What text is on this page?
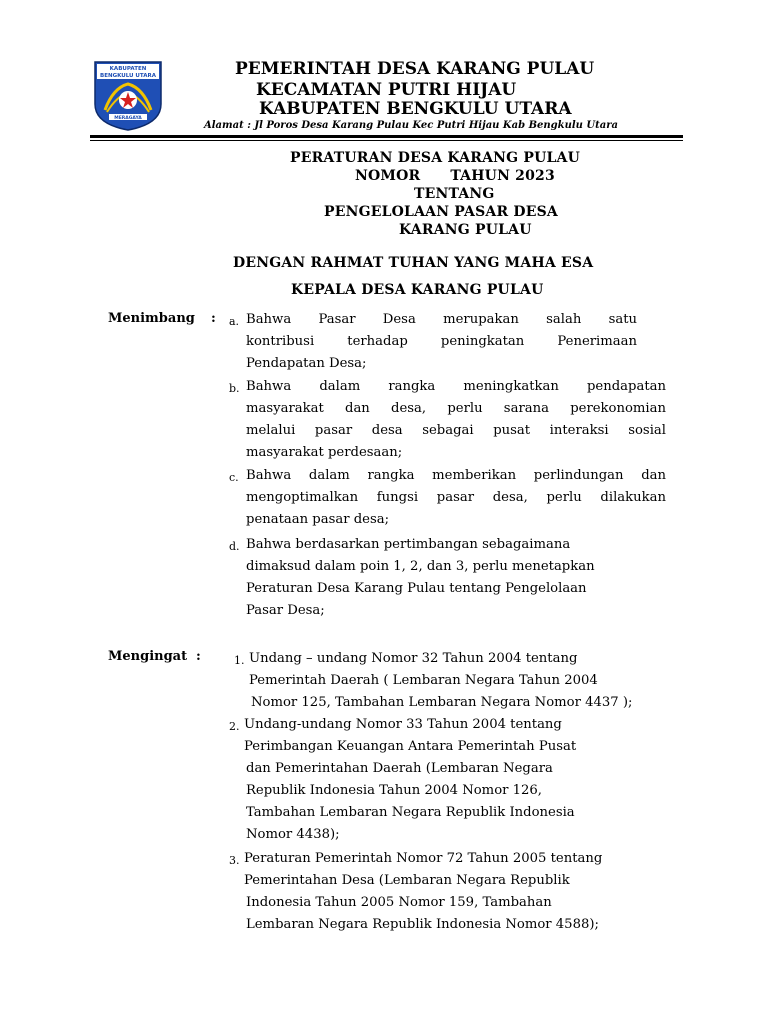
KABUPATEN
BENGKULU UTARA
MERAGAYA
PEMERINTAH DESA KARANG PULAU
KECAMATAN PUTRI HIJAU
KABUPATEN BENGKULU UTARA
Alamat : Jl Poros Desa Karang Pulau Kec Putri Hijau Kab Bengkulu Utara
PERATURAN DESA KARANG PULAU
NOMOR TAHUN 2023
TENTANG
PENGELOLAAN PASAR DESA
KARANG PULAU
DENGAN RAHMAT TUHAN YANG MAHA ESA
KEPALA DESA KARANG PULAU
Menimbang : a. Bahwa Pasar Desa merupakan salah satu
kontribusi terhadap peningkatan Penerimaan
Pendapatan Desa;
b. Bahwa dalam rangka meningkatkan pendapatan
masyarakat dan desa, perlu sarana perekonomian
melalui pasar desa sebagai pusat interaksi sosial
masyarakat perdesaan;
c. Bahwa dalam rangka memberikan perlindungan dan
mengoptimalkan fungsi pasar desa, perlu dilakukan
penataan pasar desa;
d. Bahwa berdasarkan pertimbangan sebagaimana
dimaksud dalam poin 1, 2, dan 3, perlu menetapkan
Peraturan Desa Karang Pulau tentang Pengelolaan
Pasar Desa;
Mengingat :	1. Undang – undang Nomor 32 Tahun 2004 tentang
Pemerintah Daerah ( Lembaran Negara Tahun 2004
Nomor 125, Tambahan Lembaran Negara Nomor 4437 );
2. Undang-undang Nomor 33 Tahun 2004 tentang
Perimbangan Keuangan Antara Pemerintah Pusat
dan Pemerintahan Daerah (Lembaran Negara
Republik Indonesia Tahun 2004 Nomor 126,
Tambahan Lembaran Negara Republik Indonesia
Nomor 4438);
3. Peraturan Pemerintah Nomor 72 Tahun 2005 tentang
Pemerintahan Desa (Lembaran Negara Republik
Indonesia Tahun 2005 Nomor 159, Tambahan
Lembaran Negara Republik Indonesia Nomor 4588);
